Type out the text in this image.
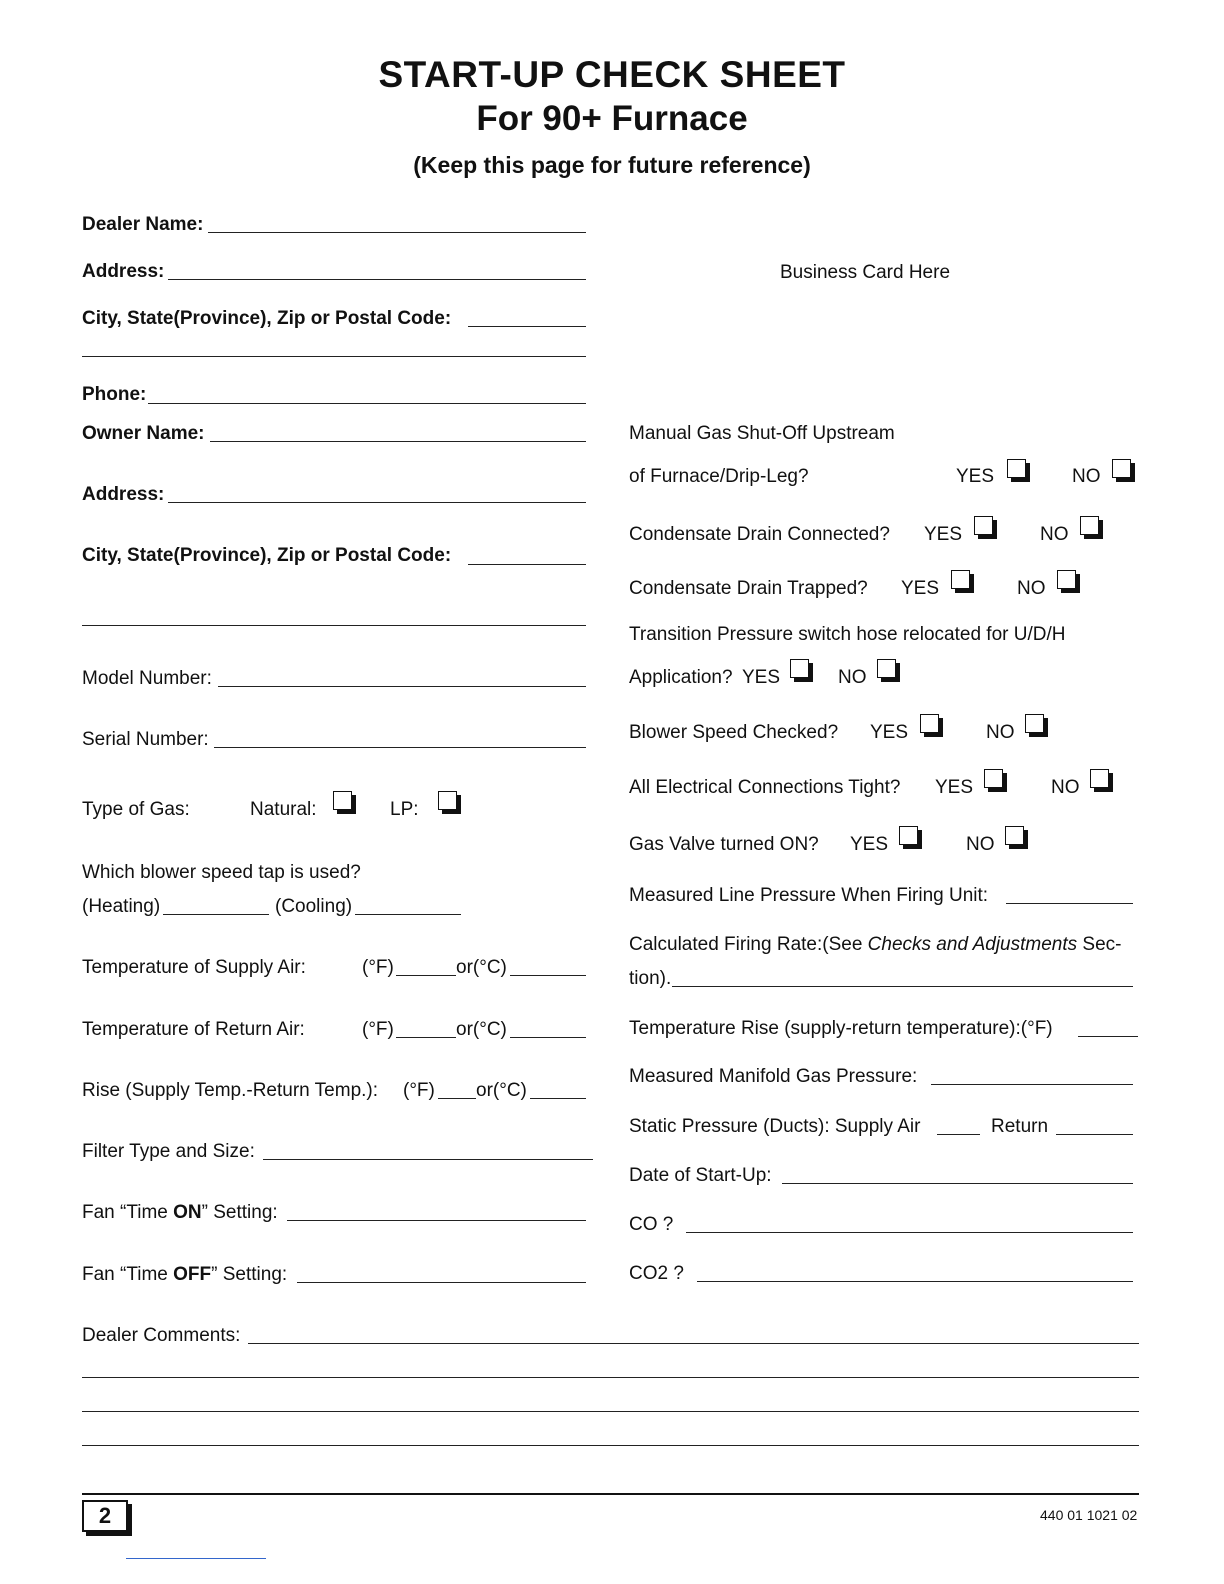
START-UP CHECK SHEET
For 90+ Furnace
(Keep this page for future reference)
Business Card Here
Dealer Name:
Address:
City, State(Province), Zip or Postal Code:
Phone:
Owner Name:
Address:
City, State(Province), Zip or Postal Code:
Model Number:
Serial Number:
Type of Gas:	Natural:	LP:
Which blower speed tap is used?
(Heating)	(Cooling)
Temperature of Supply Air:	(°F)	or(°C)
Temperature of Return Air:	(°F)	or(°C)
Rise (Supply Temp.-Return Temp.): (°F) or(°C)
Filter Type and Size:
Fan “Time ON” Setting:
Fan “Time OFF” Setting:
Manual Gas Shut-Off Upstream
of Furnace/Drip-Leg?	YES	NO
Condensate Drain Connected? YES	NO
Condensate Drain Trapped? YES	NO
Transition Pressure switch hose relocated for U/D/H
Application? YES	NO
Blower Speed Checked? YES	NO
All Electrical Connections Tight? YES	NO
Gas Valve turned ON? YES	NO
Measured Line Pressure When Firing Unit:
Calculated Firing Rate:(See Checks and Adjustments Sec-
tion).
Temperature Rise (supply-return temperature):(°F)
Measured Manifold Gas Pressure:
Static Pressure (Ducts): Supply Air	Return
Date of Start-Up:
CO ?
CO2 ?
Dealer Comments:
2	440 01 1021 02
